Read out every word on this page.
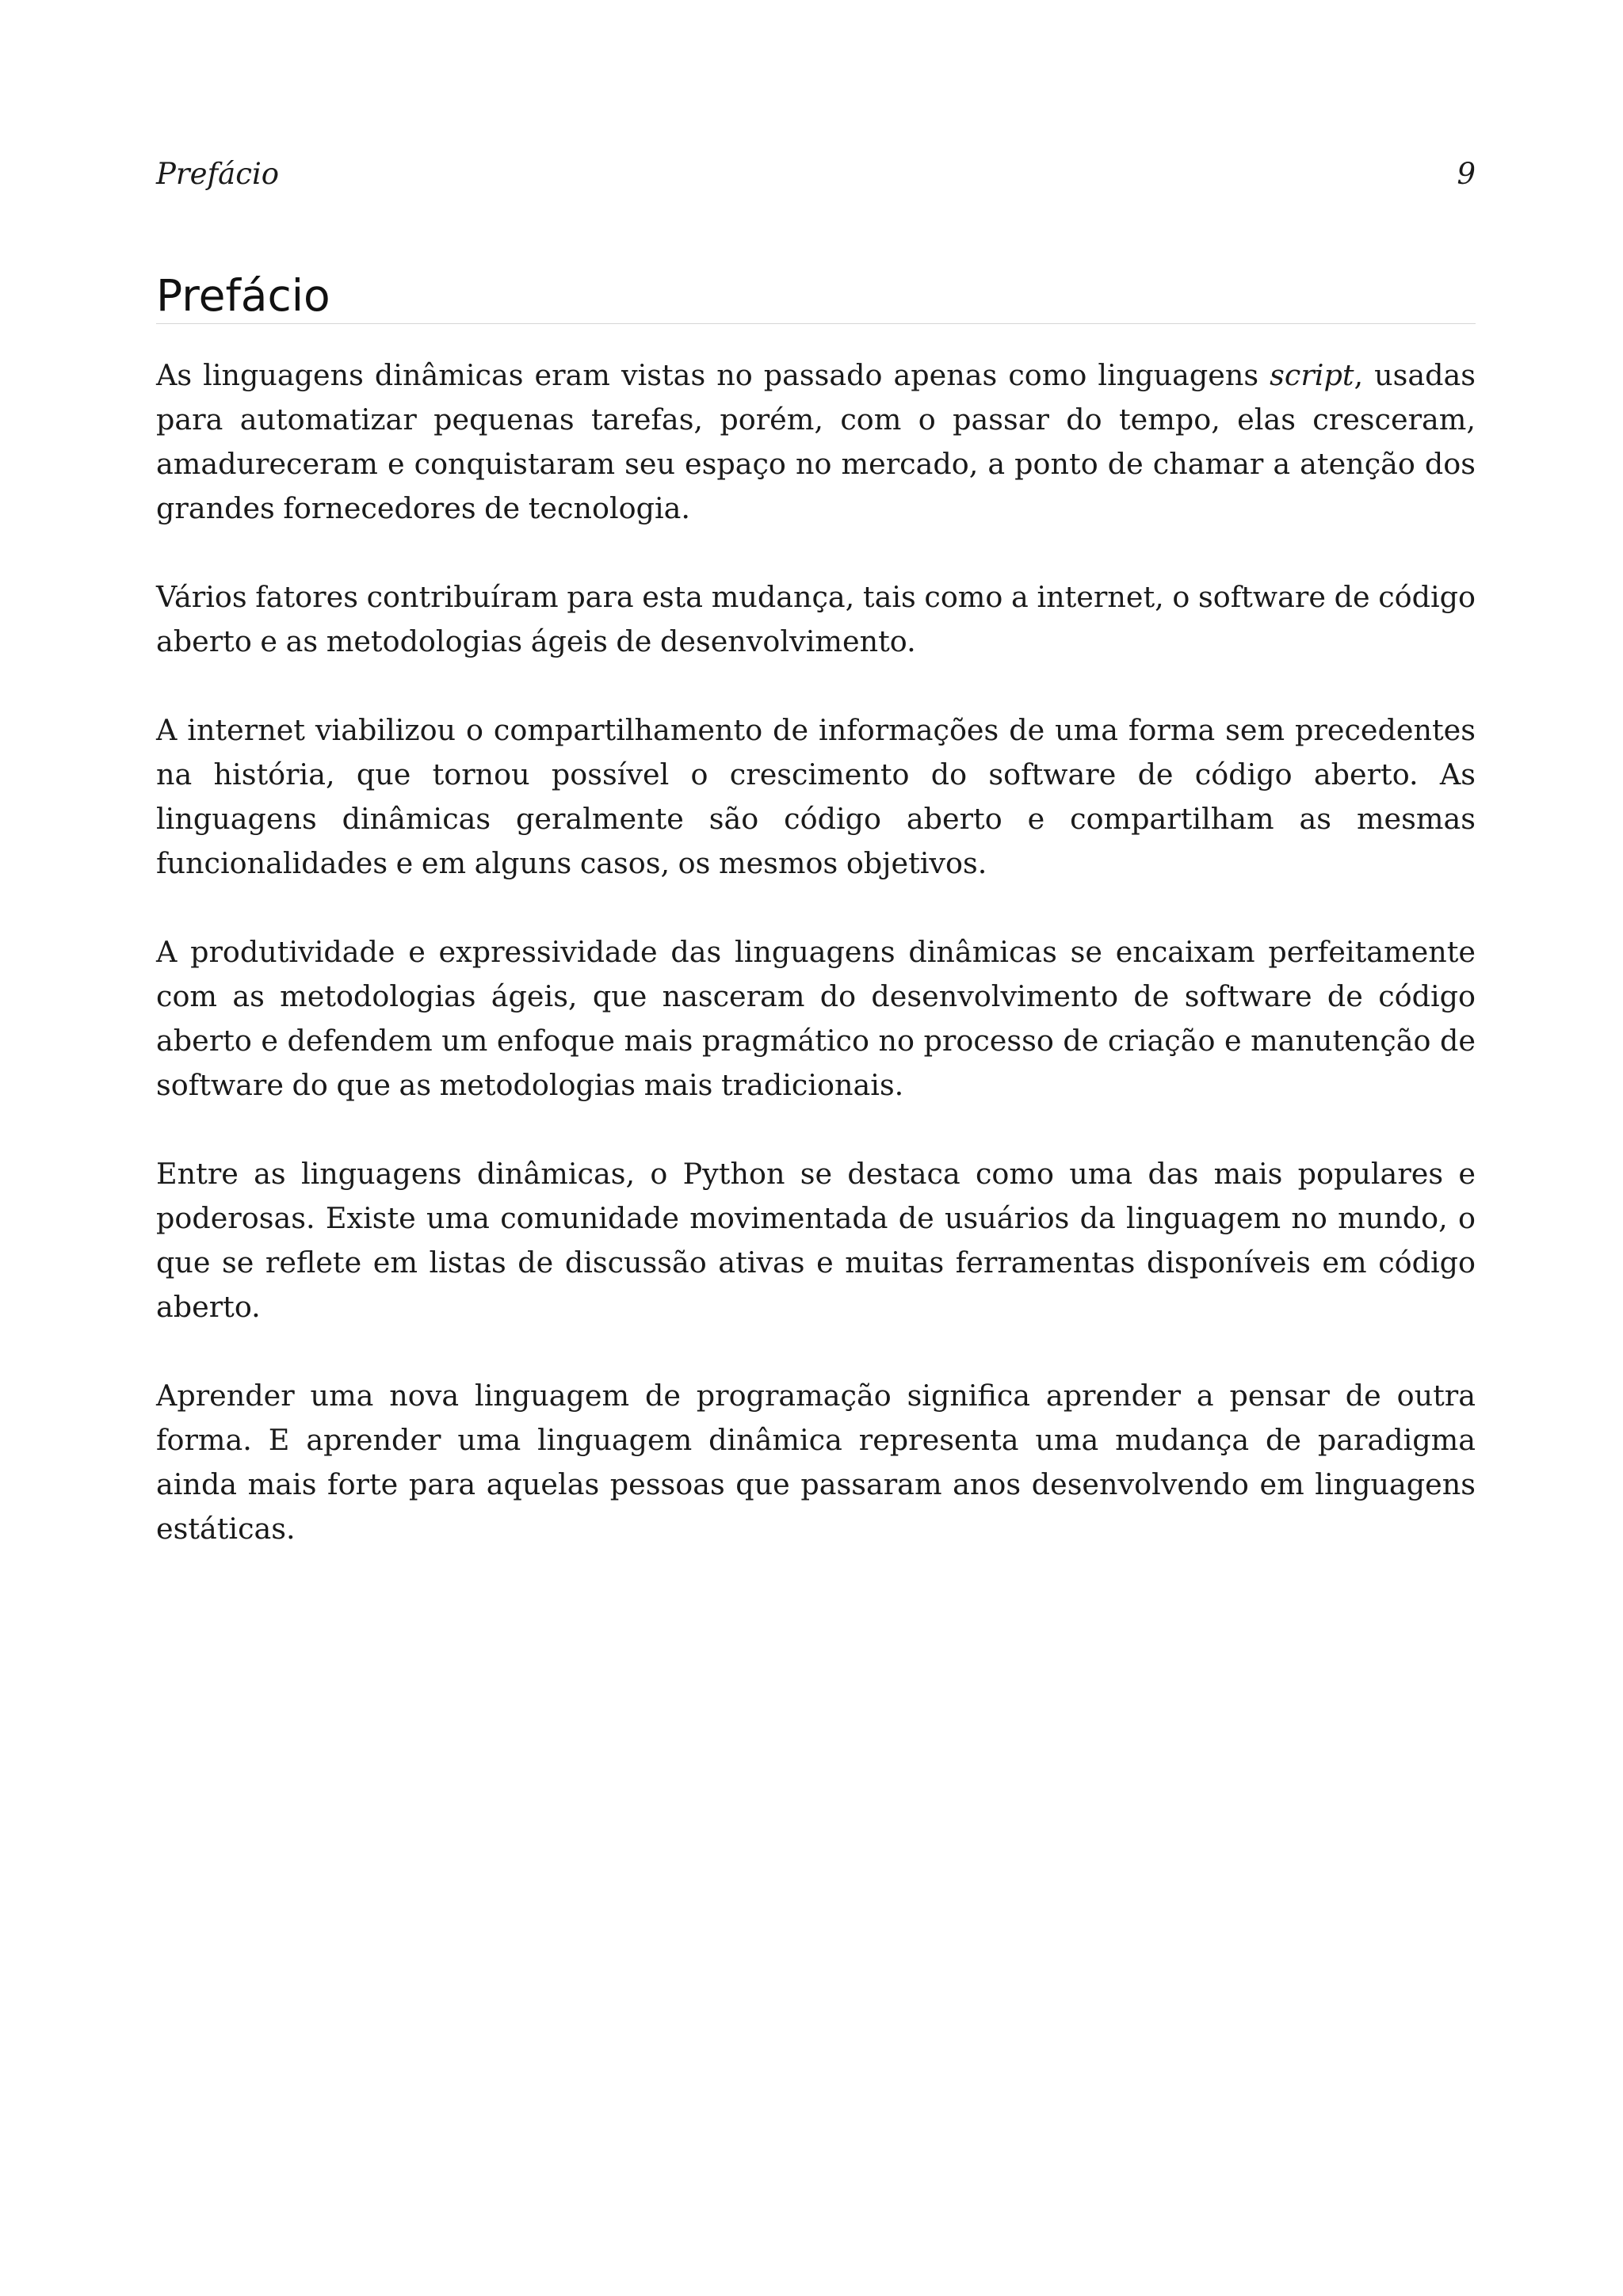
Prefácio	9
Prefácio

As linguagens dinâmicas eram vistas no passado apenas como linguagens script, usadas para automatizar pequenas tarefas, porém, com o passar do tempo, elas cresceram, amadureceram e conquistaram seu espaço no mercado, a ponto de chamar a atenção dos grandes fornecedores de tecnologia.

Vários fatores contribuíram para esta mudança, tais como a internet, o software de código aberto e as metodologias ágeis de desenvolvimento.

A internet viabilizou o compartilhamento de informações de uma forma sem precedentes na história, que tornou possível o crescimento do software de código aberto. As linguagens dinâmicas geralmente são código aberto e compartilham as mesmas funcionalidades e em alguns casos, os mesmos objetivos.

A produtividade e expressividade das linguagens dinâmicas se encaixam perfeitamente com as metodologias ágeis, que nasceram do desenvolvimento de software de código aberto e defendem um enfoque mais pragmático no processo de criação e manutenção de software do que as metodologias mais tradicionais.

Entre as linguagens dinâmicas, o Python se destaca como uma das mais populares e poderosas. Existe uma comunidade movimentada de usuários da linguagem no mundo, o que se reflete em listas de discussão ativas e muitas ferramentas disponíveis em código aberto.

Aprender uma nova linguagem de programação significa aprender a pensar de outra forma. E aprender uma linguagem dinâmica representa uma mudança de paradigma ainda mais forte para aquelas pessoas que passaram anos desenvolvendo em linguagens estáticas.
